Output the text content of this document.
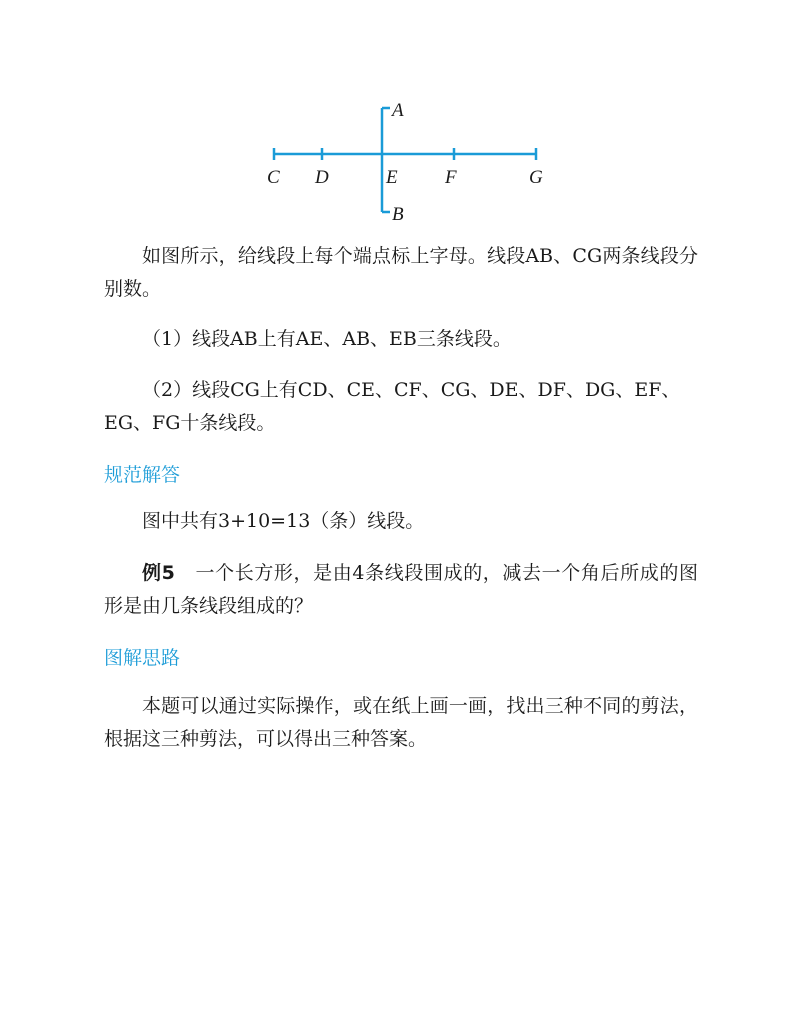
A
C D	E F	G
B

如图所示，给线段上每个端点标上字母。线段AB、CG两条线段分别数。

（1）线段AB上有AE、AB、EB三条线段。

（2）线段CG上有CD、CE、CF、CG、DE、DF、DG、EF、EG、FG十条线段。

规范解答

图中共有3+10=13（条）线段。

例5 一个长方形，是由4条线段围成的，减去一个角后所成的图形是由几条线段组成的？

图解思路

本题可以通过实际操作，或在纸上画一画，找出三种不同的剪法，根据这三种剪法，可以得出三种答案。
